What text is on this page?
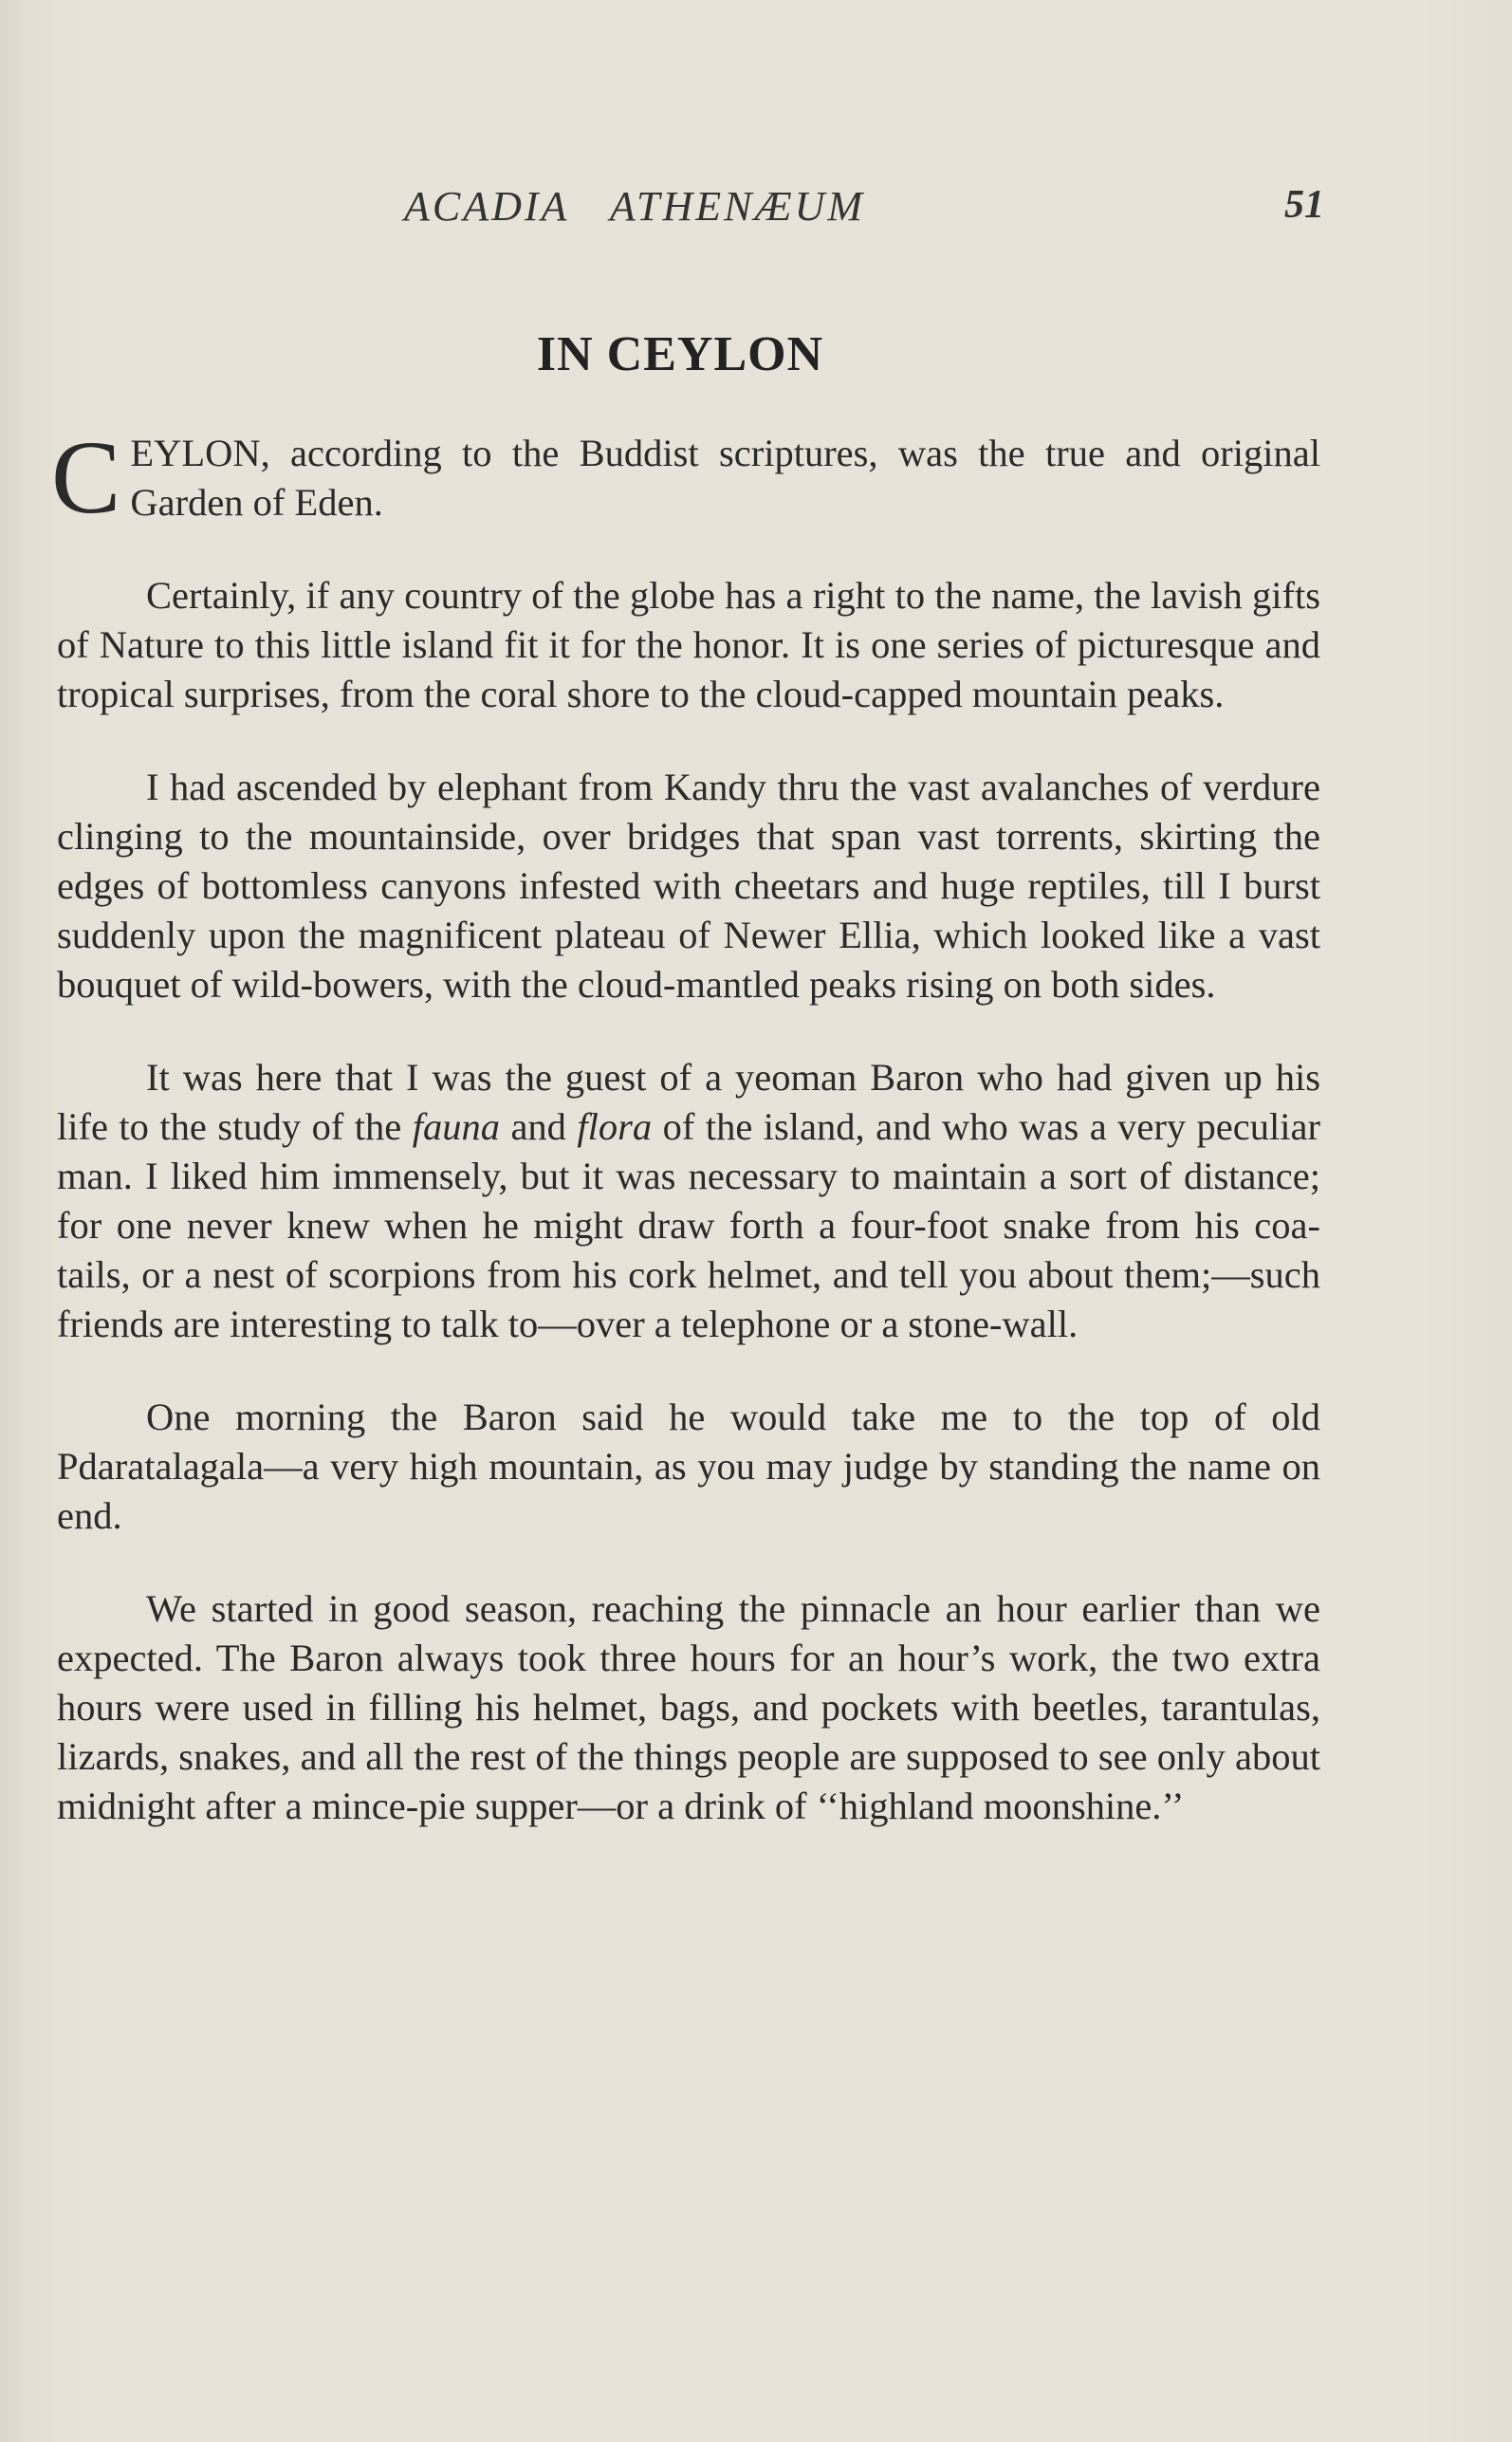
ACADIA ATHENÆUM	51
IN CEYLON

CEYLON, according to the Buddist scriptures, was the true and original Garden of Eden.

Certainly, if any country of the globe has a right to the name, the lavish gifts of Nature to this little island fit it for the honor. It is one series of picturesque and tropical surprises, from the coral shore to the cloud-capped mountain peaks.

I had ascended by elephant from Kandy thru the vast avalanches of verdure clinging to the mountainside, over bridges that span vast torrents, skirting the edges of bottomless canyons infested with cheetars and huge reptiles, till I burst suddenly upon the magnificent plateau of Newer Ellia, which looked like a vast bouquet of wild-bowers, with the cloud-mantled peaks rising on both sides.

It was here that I was the guest of a yeoman Baron who had given up his life to the study of the fauna and flora of the island, and who was a very peculiar man. I liked him immensely, but it was necessary to maintain a sort of distance; for one never knew when he might draw forth a four-foot snake from his coa-tails, or a nest of scorpions from his cork helmet, and tell you about them;—such friends are interesting to talk to—over a telephone or a stone-wall.

One morning the Baron said he would take me to the top of old Pdaratalagala—a very high mountain, as you may judge by standing the name on end.

We started in good season, reaching the pinnacle an hour earlier than we expected. The Baron always took three hours for an hour’s work, the two extra hours were used in filling his helmet, bags, and pockets with beetles, tarantulas, lizards, snakes, and all the rest of the things people are supposed to see only about midnight after a mince-pie supper—or a drink of ‘‘highland moonshine.’’
